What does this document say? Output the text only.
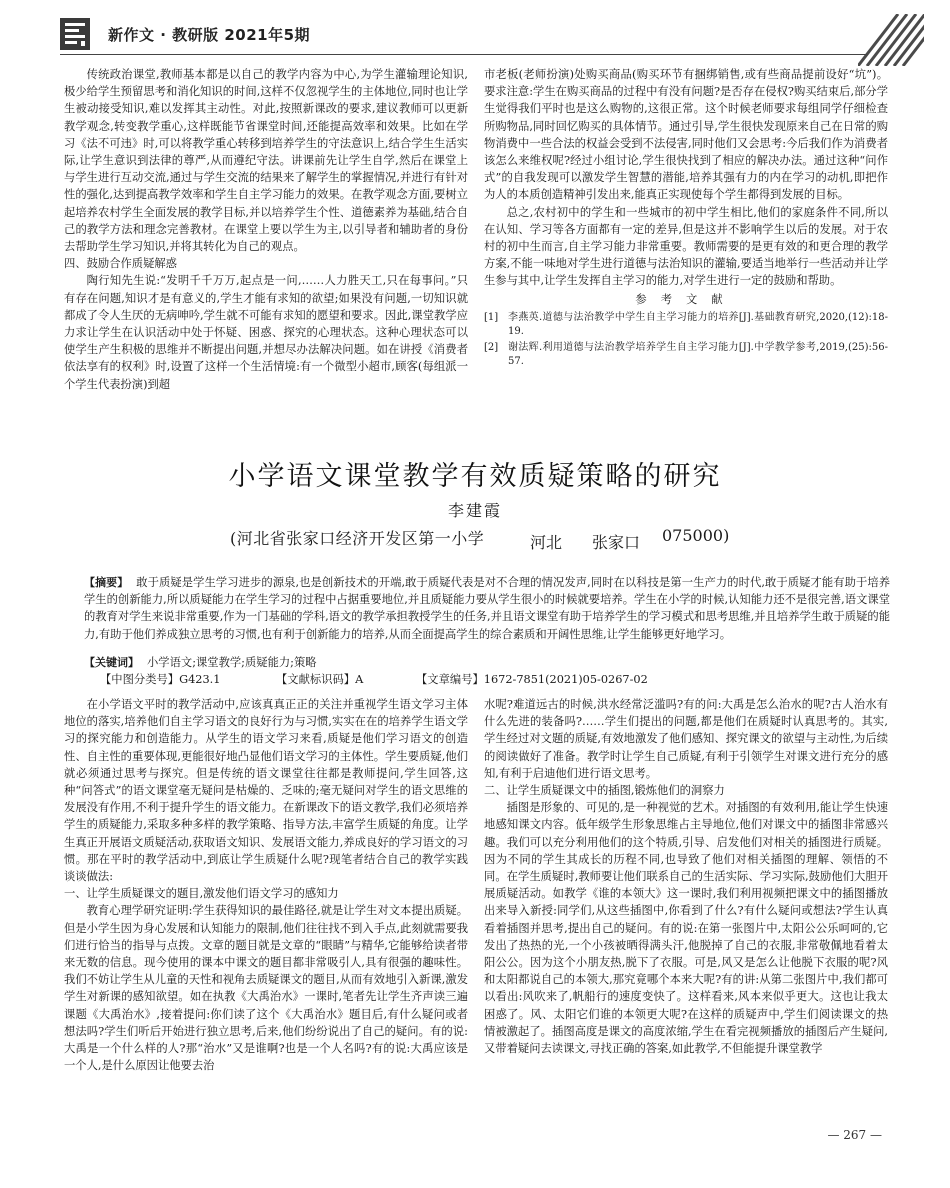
新作文 · 教研版 2021年5期

传统政治课堂,教师基本都是以自己的教学内容为中心,为学生灌输理论知识,极少给学生预留思考和消化知识的时间,这样不仅忽视学生的主体地位,同时也让学生被动接受知识,难以发挥其主动性。对此,按照新课改的要求,建议教师可以更新教学观念,转变教学重心,这样既能节省课堂时间,还能提高效率和效果。比如在学习《法不可违》时,可以将教学重心转移到培养学生的守法意识上,结合学生生活实际,让学生意识到法律的尊严,从而遵纪守法。讲课前先让学生自学,然后在课堂上与学生进行互动交流,通过与学生交流的结果来了解学生的掌握情况,并进行有针对性的强化,达到提高教学效率和学生自主学习能力的效果。在教学观念方面,要树立起培养农村学生全面发展的教学目标,并以培养学生个性、道德素养为基础,结合自己的教学方法和理念完善教材。在课堂上要以学生为主,以引导者和辅助者的身份去帮助学生学习知识,并将其转化为自己的观点。

四、鼓励合作质疑解惑

陶行知先生说:“发明千千万万,起点是一问,……人力胜天工,只在每事问。”只有存在问题,知识才是有意义的,学生才能有求知的欲望;如果没有问题,一切知识就都成了令人生厌的无病呻吟,学生就不可能有求知的愿望和要求。因此,课堂教学应力求让学生在认识活动中处于怀疑、困惑、探究的心理状态。这种心理状态可以使学生产生积极的思维并不断提出问题,并想尽办法解决问题。如在讲授《消费者依法享有的权利》时,设置了这样一个生活情境:有一个微型小超市,顾客(每组派一个学生代表扮演)到超

市老板(老师扮演)处购买商品(购买环节有捆绑销售,或有些商品提前设好“坑”)。要求注意:学生在购买商品的过程中有没有问题?是否存在侵权?购买结束后,部分学生觉得我们平时也是这么购物的,这很正常。这个时候老师要求每组同学仔细检查所购物品,同时回忆购买的具体情节。通过引导,学生很快发现原来自己在日常的购物消费中一些合法的权益会受到不法侵害,同时他们又会思考:今后我们作为消费者该怎么来维权呢?经过小组讨论,学生很快找到了相应的解决办法。通过这种“问作式”的自我发现可以激发学生智慧的潜能,培养其强有力的内在学习的动机,即把作为人的本质创造精神引发出来,能真正实现使每个学生都得到发展的目标。

总之,农村初中的学生和一些城市的初中学生相比,他们的家庭条件不同,所以在认知、学习等各方面都有一定的差异,但是这并不影响学生以后的发展。对于农村的初中生而言,自主学习能力非常重要。教师需要的是更有效的和更合理的教学方案,不能一味地对学生进行道德与法治知识的灌输,要适当地举行一些活动并让学生参与其中,让学生发挥自主学习的能力,对学生进行一定的鼓励和帮助。

参考文献

[1] 李燕英.道德与法治教学中学生自主学习能力的培养[J].基础教育研究,2020,(12):18-19.
[2] 谢法辉.利用道德与法治教学培养学生自主学习能力[J].中学教学参考,2019,(25):56-57.
小学语文课堂教学有效质疑策略的研究
李建霞
(河北省张家口经济开发区第一小学	河北 张家口 075000)
【摘要】 敢于质疑是学生学习进步的源泉,也是创新技术的开端,敢于质疑代表是对不合理的情况发声,同时在以科技是第一生产力的时代,敢于质疑才能有助于培养学生的创新能力,所以质疑能力在学生学习的过程中占据重要地位,并且质疑能力要从学生很小的时候就要培养。学生在小学的时候,认知能力还不是很完善,语文课堂的教育对学生来说非常重要,作为一门基础的学科,语文的教学承担教授学生的任务,并且语文课堂有助于培养学生的学习模式和思考思维,并且培养学生敢于质疑的能力,有助于他们养成独立思考的习惯,也有利于创新能力的培养,从而全面提高学生的综合素质和开阔性思维,让学生能够更好地学习。
【关键词】 小学语文;课堂教学;质疑能力;策略
【中图分类号】G423.1	【文献标识码】A	【文章编号】1672-7851(2021)05-0267-02

在小学语文平时的教学活动中,应该真真正正的关注并重视学生语文学习主体地位的落实,培养他们自主学习语文的良好行为与习惯,实实在在的培养学生语文学习的探究能力和创造能力。从学生的语文学习来看,质疑是他们学习语文的创造性、自主性的重要体现,更能很好地凸显他们语文学习的主体性。学生要质疑,他们就必须通过思考与探究。但是传统的语文课堂往往都是教师提问,学生回答,这种“问答式”的语文课堂毫无疑问是枯燥的、乏味的;毫无疑问对学生的语文思维的发展没有作用,不利于提升学生的语文能力。在新课改下的语文教学,我们必须培养学生的质疑能力,采取多种多样的教学策略、指导方法,丰富学生质疑的角度。让学生真正开展语文质疑活动,获取语文知识、发展语文能力,养成良好的学习语文的习惯。那在平时的教学活动中,到底让学生质疑什么呢?现笔者结合自己的教学实践谈谈做法:

一、让学生质疑课文的题目,激发他们语文学习的感知力

教育心理学研究证明:学生获得知识的最佳路径,就是让学生对文本提出质疑。但是小学生因为身心发展和认知能力的限制,他们往往找不到入手点,此刻就需要我们进行恰当的指导与点拨。文章的题目就是文章的“眼睛”与精华,它能够给读者带来无数的信息。现今使用的课本中课文的题目都非常吸引人,具有很强的趣味性。我们不妨让学生从儿童的天性和视角去质疑课文的题目,从而有效地引入新课,激发学生对新课的感知欲望。如在执教《大禹治水》一课时,笔者先让学生齐声读三遍课题《大禹治水》,接着提问:你们读了这个《大禹治水》题目后,有什么疑问或者想法吗?学生们听后开始进行独立思考,后来,他们纷纷说出了自己的疑问。有的说:大禹是一个什么样的人?那“治水”又是谁啊?也是一个人名吗?有的说:大禹应该是一个人,是什么原因让他要去治

水呢?难道远古的时候,洪水经常泛滥吗?有的问:大禹是怎么治水的呢?古人治水有什么先进的装备吗?……学生们提出的问题,都是他们在质疑时认真思考的。其实,学生经过对文题的质疑,有效地激发了他们感知、探究课文的欲望与主动性,为后续的阅读做好了准备。教学时让学生自己质疑,有利于引领学生对课文进行充分的感知,有利于启迪他们进行语文思考。

二、让学生质疑课文中的插图,锻炼他们的洞察力

插图是形象的、可见的,是一种视觉的艺术。对插图的有效利用,能让学生快速地感知课文内容。低年级学生形象思维占主导地位,他们对课文中的插图非常感兴趣。我们可以充分利用他们的这个特质,引导、启发他们对相关的插图进行质疑。因为不同的学生其成长的历程不同,也导致了他们对相关插图的理解、领悟的不同。在学生质疑时,教师要让他们联系自己的生活实际、学习实际,鼓励他们大胆开展质疑活动。如教学《谁的本领大》这一课时,我们利用视频把课文中的插图播放出来导入新授:同学们,从这些插图中,你看到了什么?有什么疑问或想法?学生认真看着插图并思考,提出自己的疑问。有的说:在第一张图片中,太阳公公乐呵呵的,它发出了热热的光,一个小孩被晒得满头汗,他脱掉了自己的衣服,非常敬佩地看着太阳公公。因为这个小朋友热,脱下了衣服。可是,风又是怎么让他脱下衣服的呢?风和太阳都说自己的本领大,那究竟哪个本来大呢?有的讲:从第二张图片中,我们都可以看出:风吹来了,帆船行的速度变快了。这样看来,风本来似乎更大。这也让我太困惑了。风、太阳它们谁的本领更大呢?在这样的质疑声中,学生们阅读课文的热情被激起了。插图高度是课文的高度浓缩,学生在看完视频播放的插图后产生疑问,又带着疑问去读课文,寻找正确的答案,如此教学,不但能提升课堂教学

— 267 —
